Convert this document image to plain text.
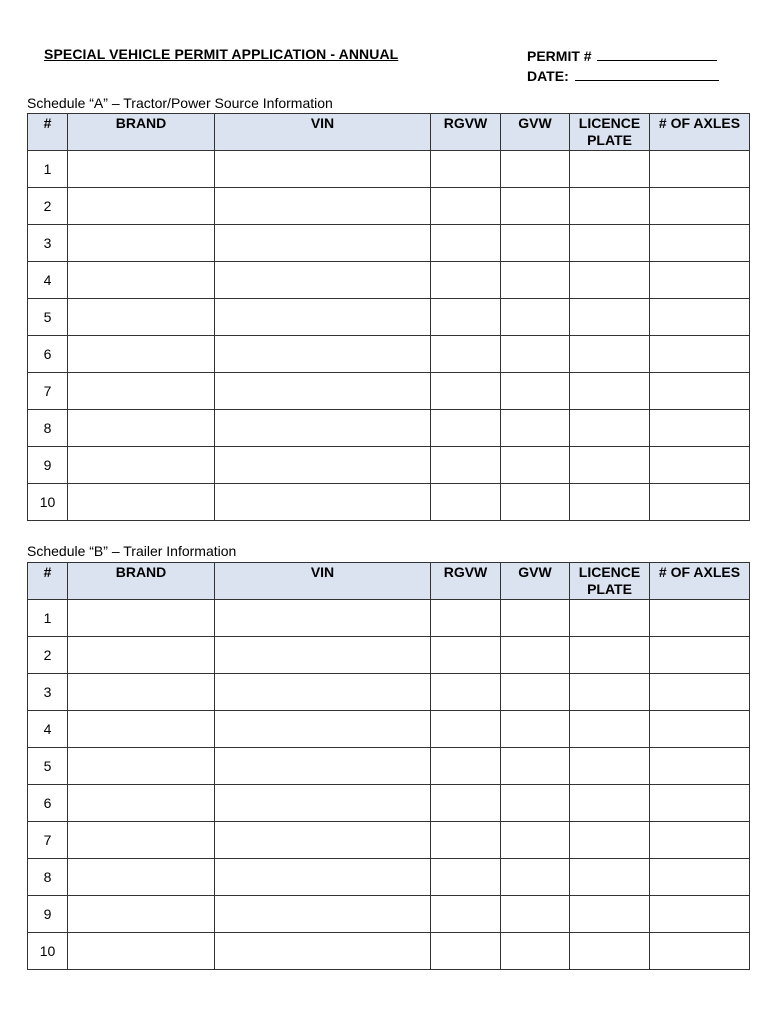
SPECIAL VEHICLE PERMIT APPLICATION - ANNUAL	PERMIT #
DATE:
Schedule “A” – Tractor/Power Source Information
#	BRAND	VIN	RGVW	GVW	LICENCE PLATE	# OF AXLES
1						
2						
3						
4						
5						
6						
7						
8						
9						
10						
Schedule “B” – Trailer Information
#	BRAND	VIN	RGVW	GVW	LICENCE PLATE	# OF AXLES
1						
2						
3						
4						
5						
6						
7						
8						
9						
10						
